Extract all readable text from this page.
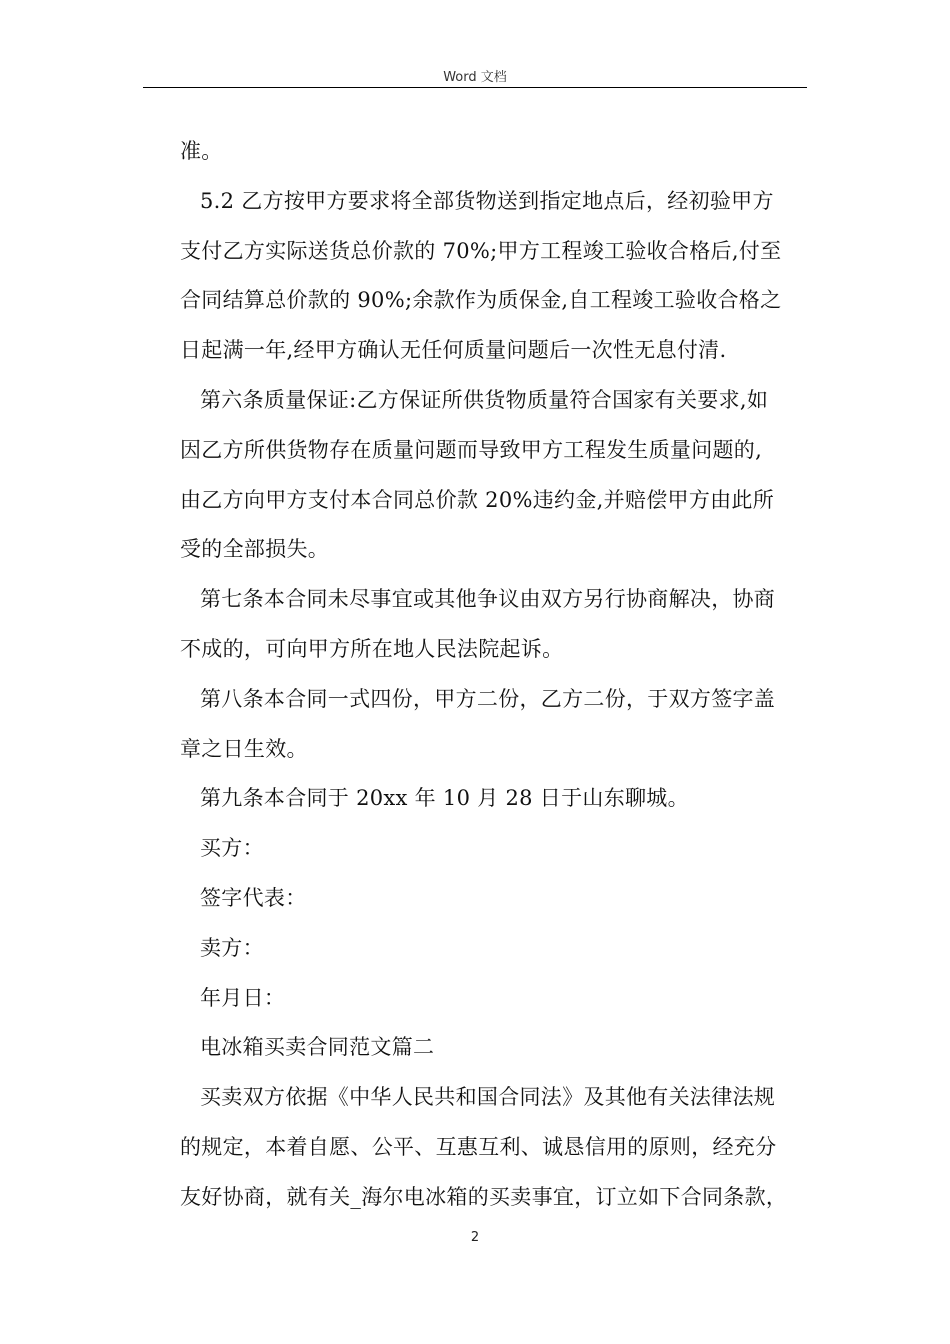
Word 文档

准。

5.2 乙方按甲方要求将全部货物送到指定地点后，经初验甲方

支付乙方实际送货总价款的 70%;甲方工程竣工验收合格后,付至

合同结算总价款的 90%;余款作为质保金,自工程竣工验收合格之

日起满一年,经甲方确认无任何质量问题后一次性无息付清.

第六条质量保证:乙方保证所供货物质量符合国家有关要求,如

因乙方所供货物存在质量问题而导致甲方工程发生质量问题的,

由乙方向甲方支付本合同总价款 20%违约金,并赔偿甲方由此所

受的全部损失。

第七条本合同未尽事宜或其他争议由双方另行协商解决，协商

不成的，可向甲方所在地人民法院起诉。

第八条本合同一式四份，甲方二份，乙方二份，于双方签字盖

章之日生效。

第九条本合同于 20xx 年 10 月 28 日于山东聊城。

买方：

签字代表：

卖方：

年月日：

电冰箱买卖合同范文篇二

买卖双方依据《中华人民共和国合同法》及其他有关法律法规

的规定，本着自愿、公平、互惠互利、诚恳信用的原则，经充分

友好协商，就有关_海尔电冰箱的买卖事宜，订立如下合同条款，

2
